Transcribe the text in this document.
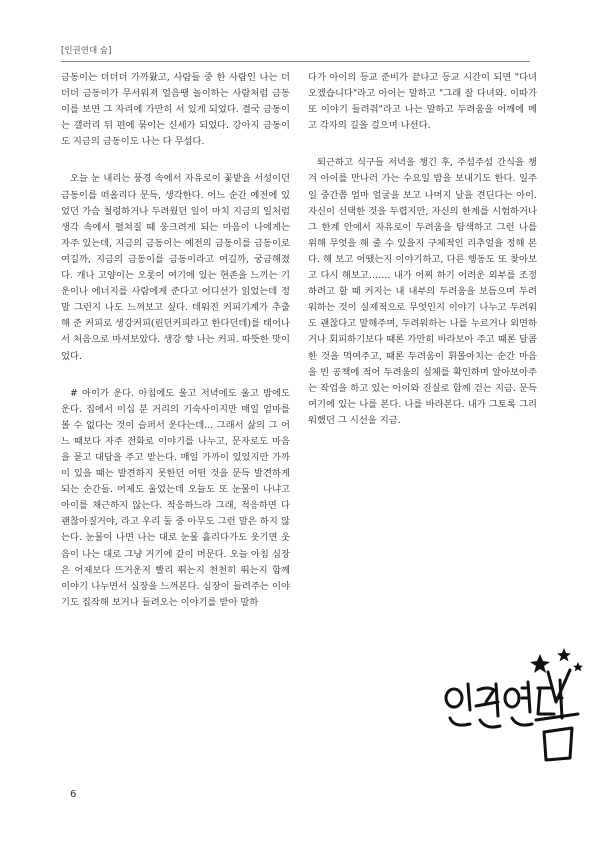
[인권연대 숨]

금동이는 더더더 가까왔고, 사람들 중 한 사람인 나는 더더더 금동이가 무서워져 얼음땡 놀이하는 사람처럼 금동이를 보면 그 자리에 가만히 서 있게 되었다. 결국 금동이는 갤러리 뒤 편에 묶이는 신세가 되었다. 강아지 금동이도 지금의 금동이도 나는 다 무섭다.

오늘 눈 내리는 풍경 속에서 자유로이 꽃밭을 서성이던 금동이를 떠올리다 문득, 생각한다. 어느 순간 예전에 있었던 가슴 철렁하거나 두려웠던 일이 마치 지금의 일처럼 생각 속에서 펼쳐질 때 웅크려게 되는 마음이 나에게는 자주 있는데, 지금의 금동이는 예전의 금동이를 금동이로 여길까, 지금의 금동이를 금동이라고 여길까, 궁금해졌다. 개나 고양이는 오롯이 여기에 있는 현존을 느끼는 기운이나 에너지를 사람에게 준다고 어디선가 읽었는데 정말 그런지 나도 느껴보고 싶다. 데워진 커피기계가 추출해 준 커피로 생강커피(린던커피라고 한다던데)를 태어나서 처음으로 마셔보았다. 생강 향 나는 커피. 따뜻한 맛이었다.

# 아이가 운다. 아침에도 울고 저녁에도 울고 밤에도 운다. 집에서 이십 분 거리의 기숙사이지만 매일 엄마를 볼 수 없다는 것이 슬퍼서 운다는데... 그래서 삶의 그 어느 때보다 자주 전화로 이야기를 나누고, 문자로도 마음을 묻고 대답을 주고 받는다. 매일 가까이 있있지만 가까이 있을 때는 발견하지 못한던 어떤 것을 문득 발견하게 되는 순간들. 어제도 울었는데 오늘도 또 눈물이 나냐고 아이를 채근하지 않는다. 적응하느라 그래, 적응하면 다 괜찮아질거야, 라고 우리 둘 중 아무도 그런 말은 하지 않는다. 눈물이 나면 나는 대로 눈물 흘리다가도 웃기면 웃음이 나는 대로 그냥 거기에 같이 머문다. 오늘 아침 심장은 어제보다 뜨거운지 빨리 뛰는지 천천히 뛰는지 함께 이야기 나누면서 심장을 느껴본다. 심장이 들려주는 이야기도 집작해 보거나 들려오는 이야기를 받아 말하

다가 아이의 등교 준비가 끝나고 등교 시간이 되면 "다녀오겠습니다"라고 아이는 말하고 "그래 잘 다녀와. 이따가 또 이야기 들려줘"라고 나는 말하고 두려움을 어깨에 메고 각자의 길을 걸으며 나선다.

퇴근하고 식구들 저녁을 챙긴 후, 주섬주섬 간식을 챙겨 아이를 만나러 가는 수요일 밤을 보내기도 한다. 일주일 중간쯤 엄마 얼굴을 보고 나머지 날을 견딘다는 아이. 자신이 선택한 것을 두렵지만, 자신의 한계를 시험하거나 그 한계 안에서 자유로이 두려움을 탐색하고 그런 나를 위해 무엇을 해 줄 수 있을지 구체적인 리추얼을 정해 본다. 해 보고 어땠는지 이야기하고, 다른 행동도 또 찾아보고 다시 해보고……. 내가 어찌 하기 어려운 외부를 조정하려고 할 때 커지는 내 내부의 두려움을 보듬으며 두려워하는 것이 실제적으로 무엇인지 이야기 나누고 두려워도 괜찮다고 말해주며, 두려워하는 나를 누르거나 외면하거나 회피하기보다 때론 가만히 바라보아 주고 때론 달콤한 것을 먹여주고, 때론 두려움이 휘몰아치는 순간 마음을 빈 공책에 적어 두려움의 실체를 확인하며 알아보아주는 작업을 하고 있는 아이와 진실로 함께 걷는 지금. 문득 여기에 있는 나를 본다. 나를 바라본다. 내가 그토록 그리워했던 그 시선을 지금.

6
